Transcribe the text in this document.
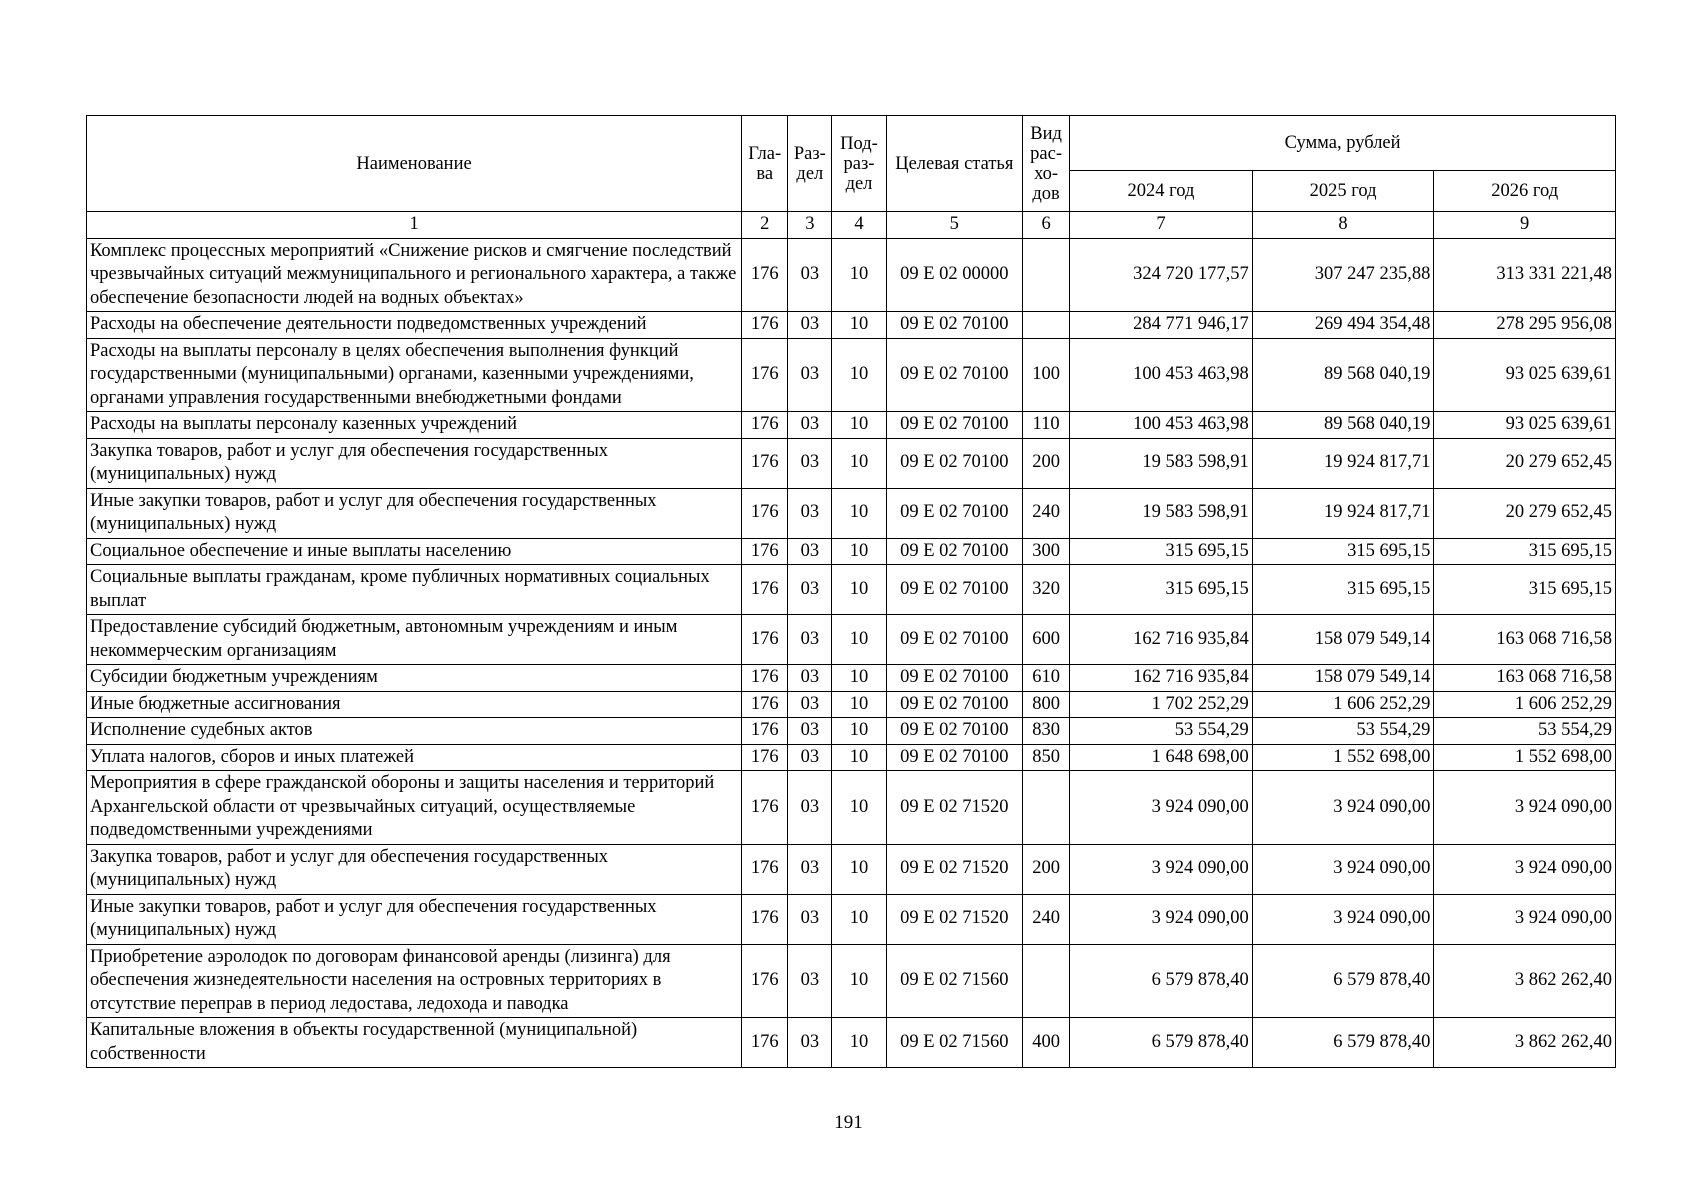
Наименование	Гла-ва	Раз-дел	Под-раз-дел	Целевая статья	Вид рас-хо-дов	Сумма, рублей		
						2024 год	2025 год	2026 год
1	2	3	4	5	6	7	8	9
Комплекс процессных мероприятий «Снижение рисков и смягчение последствий чрезвычайных ситуаций межмуниципального и регионального характера, а также обеспечение безопасности людей на водных объектах»	176	03	10	09 Е 02 00000		324 720 177,57	307 247 235,88	313 331 221,48
Расходы на обеспечение деятельности подведомственных учреждений	176	03	10	09 Е 02 70100		284 771 946,17	269 494 354,48	278 295 956,08
Расходы на выплаты персоналу в целях обеспечения выполнения функций государственными (муниципальными) органами, казенными учреждениями, органами управления государственными внебюджетными фондами	176	03	10	09 Е 02 70100	100	100 453 463,98	89 568 040,19	93 025 639,61
Расходы на выплаты персоналу казенных учреждений	176	03	10	09 Е 02 70100	110	100 453 463,98	89 568 040,19	93 025 639,61
Закупка товаров, работ и услуг для обеспечения государственных (муниципальных) нужд	176	03	10	09 Е 02 70100	200	19 583 598,91	19 924 817,71	20 279 652,45
Иные закупки товаров, работ и услуг для обеспечения государственных (муниципальных) нужд	176	03	10	09 Е 02 70100	240	19 583 598,91	19 924 817,71	20 279 652,45
Социальное обеспечение и иные выплаты населению	176	03	10	09 Е 02 70100	300	315 695,15	315 695,15	315 695,15
Социальные выплаты гражданам, кроме публичных нормативных социальных выплат	176	03	10	09 Е 02 70100	320	315 695,15	315 695,15	315 695,15
Предоставление субсидий бюджетным, автономным учреждениям и иным некоммерческим организациям	176	03	10	09 Е 02 70100	600	162 716 935,84	158 079 549,14	163 068 716,58
Субсидии бюджетным учреждениям	176	03	10	09 Е 02 70100	610	162 716 935,84	158 079 549,14	163 068 716,58
Иные бюджетные ассигнования	176	03	10	09 Е 02 70100	800	1 702 252,29	1 606 252,29	1 606 252,29
Исполнение судебных актов	176	03	10	09 Е 02 70100	830	53 554,29	53 554,29	53 554,29
Уплата налогов, сборов и иных платежей	176	03	10	09 Е 02 70100	850	1 648 698,00	1 552 698,00	1 552 698,00
Мероприятия в сфере гражданской обороны и защиты населения и территорий Архангельской области от чрезвычайных ситуаций, осуществляемые подведомственными учреждениями	176	03	10	09 Е 02 71520		3 924 090,00	3 924 090,00	3 924 090,00
Закупка товаров, работ и услуг для обеспечения государственных (муниципальных) нужд	176	03	10	09 Е 02 71520	200	3 924 090,00	3 924 090,00	3 924 090,00
Иные закупки товаров, работ и услуг для обеспечения государственных (муниципальных) нужд	176	03	10	09 Е 02 71520	240	3 924 090,00	3 924 090,00	3 924 090,00
Приобретение аэролодок по договорам финансовой аренды (лизинга) для обеспечения жизнедеятельности населения на островных территориях в отсутствие переправ в период ледостава, ледохода и паводка	176	03	10	09 Е 02 71560		6 579 878,40	6 579 878,40	3 862 262,40
Капитальные вложения в объекты государственной (муниципальной) собственности	176	03	10	09 Е 02 71560	400	6 579 878,40	6 579 878,40	3 862 262,40
191
